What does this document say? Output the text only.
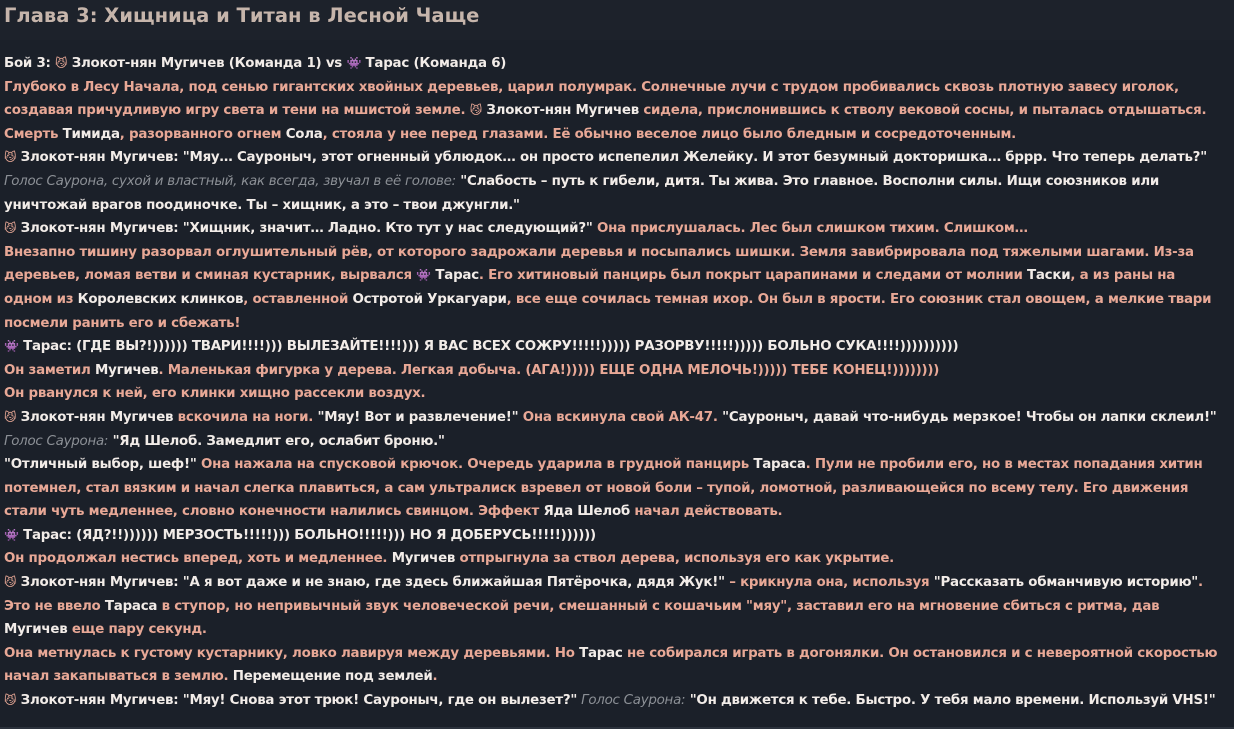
Глава 3: Хищница и Титан в Лесной Чаще

Бой 3: 😼 Злокот-нян Мугичев (Команда 1) vs 👾 Тарас (Команда 6)

Глубоко в Лесу Начала, под сенью гигантских хвойных деревьев, царил полумрак. Солнечные лучи с трудом пробивались сквозь плотную завесу иголок,

создавая причудливую игру света и тени на мшистой земле. 😼 Злокот-нян Мугичев сидела, прислонившись к стволу вековой сосны, и пыталась отдышаться.

Смерть Тимида, разорванного огнем Сола, стояла у нее перед глазами. Её обычно веселое лицо было бледным и сосредоточенным.

😼 Злокот-нян Мугичев: "Мяу… Сауроныч, этот огненный ублюдок… он просто испепелил Желейку. И этот безумный докторишка… бррр. Что теперь делать?"

Голос Саурона, сухой и властный, как всегда, звучал в её голове: "Слабость – путь к гибели, дитя. Ты жива. Это главное. Восполни силы. Ищи союзников или

уничтожай врагов поодиночке. Ты – хищник, а это – твои джунгли."

😼 Злокот-нян Мугичев: "Хищник, значит… Ладно. Кто тут у нас следующий?" Она прислушалась. Лес был слишком тихим. Слишком…

Внезапно тишину разорвал оглушительный рёв, от которого задрожали деревья и посыпались шишки. Земля завибрировала под тяжелыми шагами. Из-за

деревьев, ломая ветви и сминая кустарник, вырвался 👾 Тарас. Его хитиновый панцирь был покрыт царапинами и следами от молнии Таски, а из раны на

одном из Королевских клинков, оставленной Остротой Уркагуари, все еще сочилась темная ихор. Он был в ярости. Его союзник стал овощем, а мелкие твари

посмели ранить его и сбежать!

👾 Тарас: (ГДЕ ВЫ?!)))))) ТВАРИ!!!!))) ВЫЛЕЗАЙТЕ!!!!))) Я ВАС ВСЕХ СОЖРУ!!!!!))))) РАЗОРВУ!!!!!))))) БОЛЬНО СУКА!!!!))))))))))

Он заметил Мугичев. Маленькая фигурка у дерева. Легкая добыча. (АГА!))))) ЕЩЕ ОДНА МЕЛОЧЬ!))))) ТЕБЕ КОНЕЦ!))))))))

Он рванулся к ней, его клинки хищно рассекли воздух.

😼 Злокот-нян Мугичев вскочила на ноги. "Мяу! Вот и развлечение!" Она вскинула свой АК-47. "Сауроныч, давай что-нибудь мерзкое! Чтобы он лапки склеил!"

Голос Саурона: "Яд Шелоб. Замедлит его, ослабит броню."

"Отличный выбор, шеф!" Она нажала на спусковой крючок. Очередь ударила в грудной панцирь Тараса. Пули не пробили его, но в местах попадания хитин

потемнел, стал вязким и начал слегка плавиться, а сам ультралиск взревел от новой боли – тупой, ломотной, разливающейся по всему телу. Его движения

стали чуть медленнее, словно конечности налились свинцом. Эффект Яда Шелоб начал действовать.

👾 Тарас: (ЯД?!!)))))) МЕРЗОСТЬ!!!!!))) БОЛЬНО!!!!!))) НО Я ДОБЕРУСЬ!!!!!))))))

Он продолжал нестись вперед, хоть и медленнее. Мугичев отпрыгнула за ствол дерева, используя его как укрытие.

😼 Злокот-нян Мугичев: "А я вот даже и не знаю, где здесь ближайшая Пятёрочка, дядя Жук!" – крикнула она, используя "Рассказать обманчивую историю".

Это не ввело Тараса в ступор, но непривычный звук человеческой речи, смешанный с кошачьим "мяу", заставил его на мгновение сбиться с ритма, дав

Мугичев еще пару секунд.

Она метнулась к густому кустарнику, ловко лавируя между деревьями. Но Тарас не собирался играть в догонялки. Он остановился и с невероятной скоростью

начал закапываться в землю. Перемещение под землей.

😼 Злокот-нян Мугичев: "Мяу! Снова этот трюк! Сауроныч, где он вылезет?" Голос Саурона: "Он движется к тебе. Быстро. У тебя мало времени. Используй VHS!"
